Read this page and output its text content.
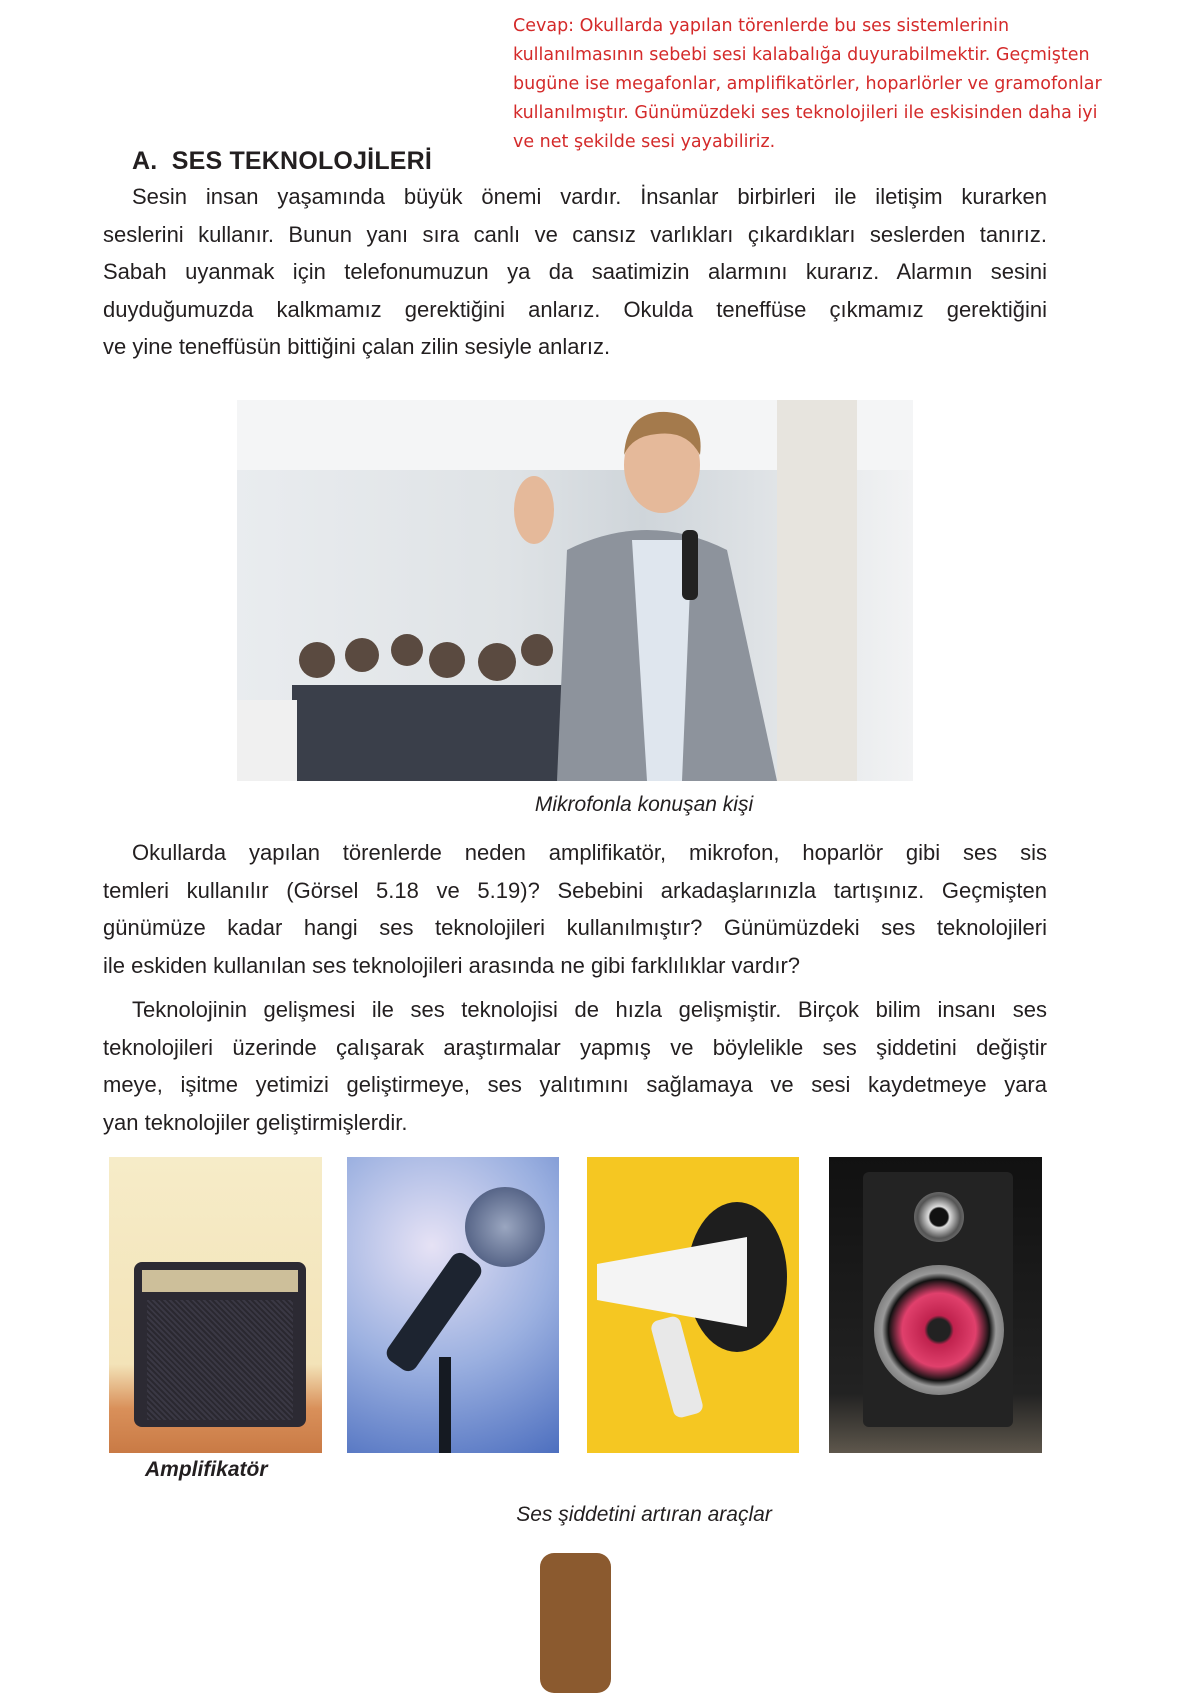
Cevap: Okullarda yapılan törenlerde bu ses sistemlerinin
kullanılmasının sebebi sesi kalabalığa duyurabilmektir. Geçmişten
bugüne ise megafonlar, amplifikatörler, hoparlörler ve gramofonlar
kullanılmıştır. Günümüzdeki ses teknolojileri ile eskisinden daha iyi
ve net şekilde sesi yayabiliriz.
A.  SES TEKNOLOJİLERİ
Sesin insan yaşamında büyük önemi vardır. İnsanlar birbirleri ile iletişim kurarken
seslerini kullanır. Bunun yanı sıra canlı ve cansız varlıkları çıkardıkları seslerden tanırız.
Sabah uyanmak için telefonumuzun ya da saatimizin alarmını kurarız. Alarmın sesini
duyduğumuzda kalkmamız gerektiğini anlarız. Okulda teneffüse çıkmamız gerektiğini
ve yine teneffüsün bittiğini çalan zilin sesiyle anlarız.
Mikrofonla konuşan kişi
Okullarda yapılan törenlerde neden amplifikatör, mikrofon, hoparlör gibi ses sis
temleri kullanılır (Görsel 5.18 ve 5.19)? Sebebini arkadaşlarınızla tartışınız. Geçmişten
günümüze kadar hangi ses teknolojileri kullanılmıştır? Günümüzdeki ses teknolojileri
ile eskiden kullanılan ses teknolojileri arasında ne gibi farklılıklar vardır?
Teknolojinin gelişmesi ile ses teknolojisi de hızla gelişmiştir. Birçok bilim insanı ses
teknolojileri üzerinde çalışarak araştırmalar yapmış ve böylelikle ses şiddetini değiştir
meye, işitme yetimizi geliştirmeye, ses yalıtımını sağlamaya ve sesi kaydetmeye yara
yan teknolojiler geliştirmişlerdir.
Amplifikatör
Ses şiddetini artıran araçlar
